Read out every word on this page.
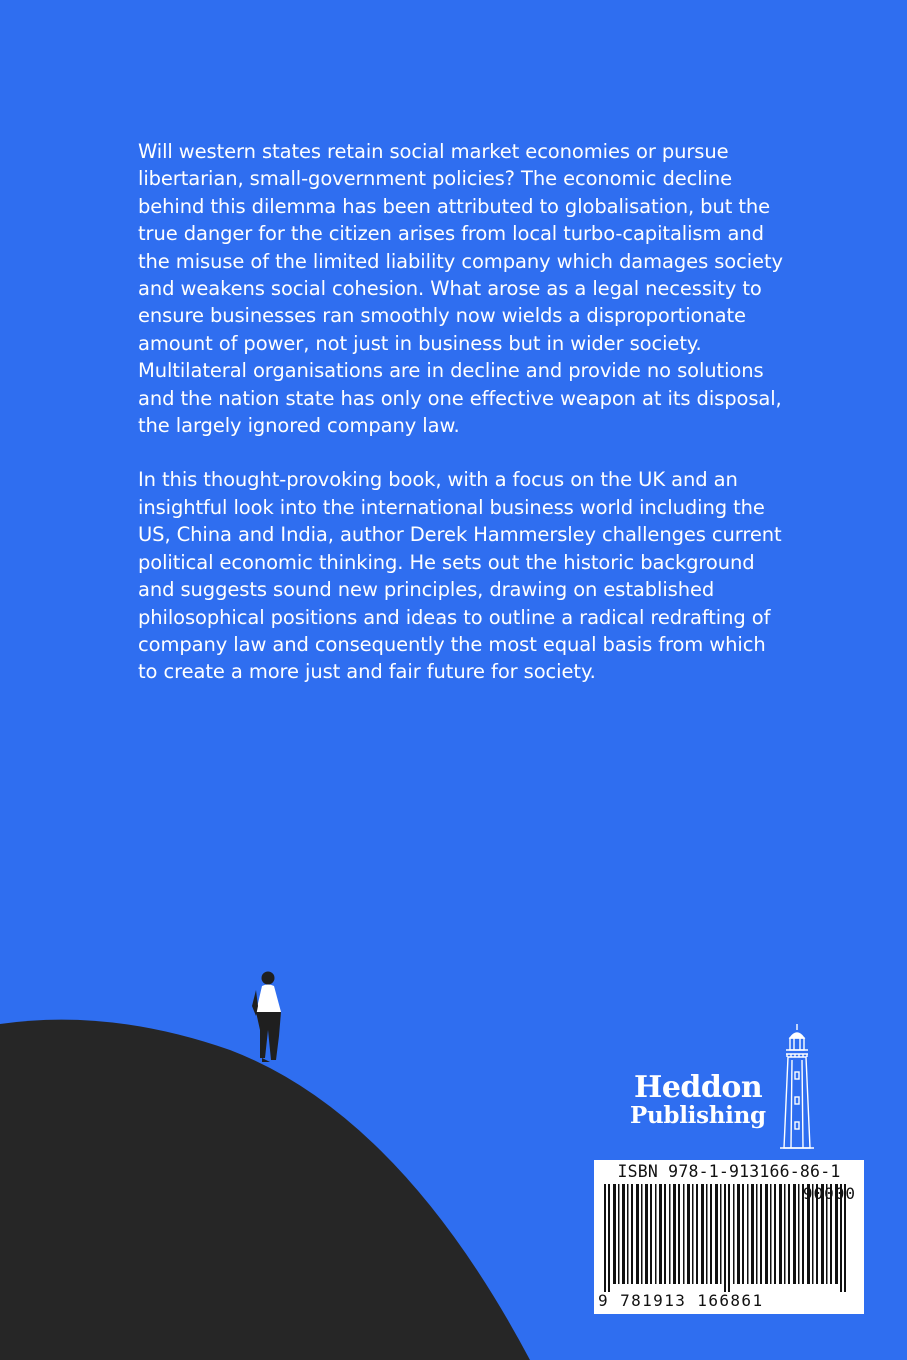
Will western states retain social market economies or pursue libertarian, small-government policies? The economic decline behind this dilemma has been attributed to globalisation, but the true danger for the citizen arises from local turbo-capitalism and the misuse of the limited liability company which damages society and weakens social cohesion. What arose as a legal necessity to ensure businesses ran smoothly now wields a disproportionate amount of power, not just in business but in wider society. Multilateral organisations are in decline and provide no solutions and the nation state has only one effective weapon at its disposal, the largely ignored company law.

In this thought-provoking book, with a focus on the UK and an insightful look into the international business world including the US, China and India, author Derek Hammersley challenges current political economic thinking. He sets out the historic background and suggests sound new principles, drawing on established philosophical positions and ideas to outline a radical redrafting of company law and consequently the most equal basis from which to create a more just and fair future for society.

Heddon
Publishing
ISBN 978-1-913166-86-1
90000
9 781913 166861
